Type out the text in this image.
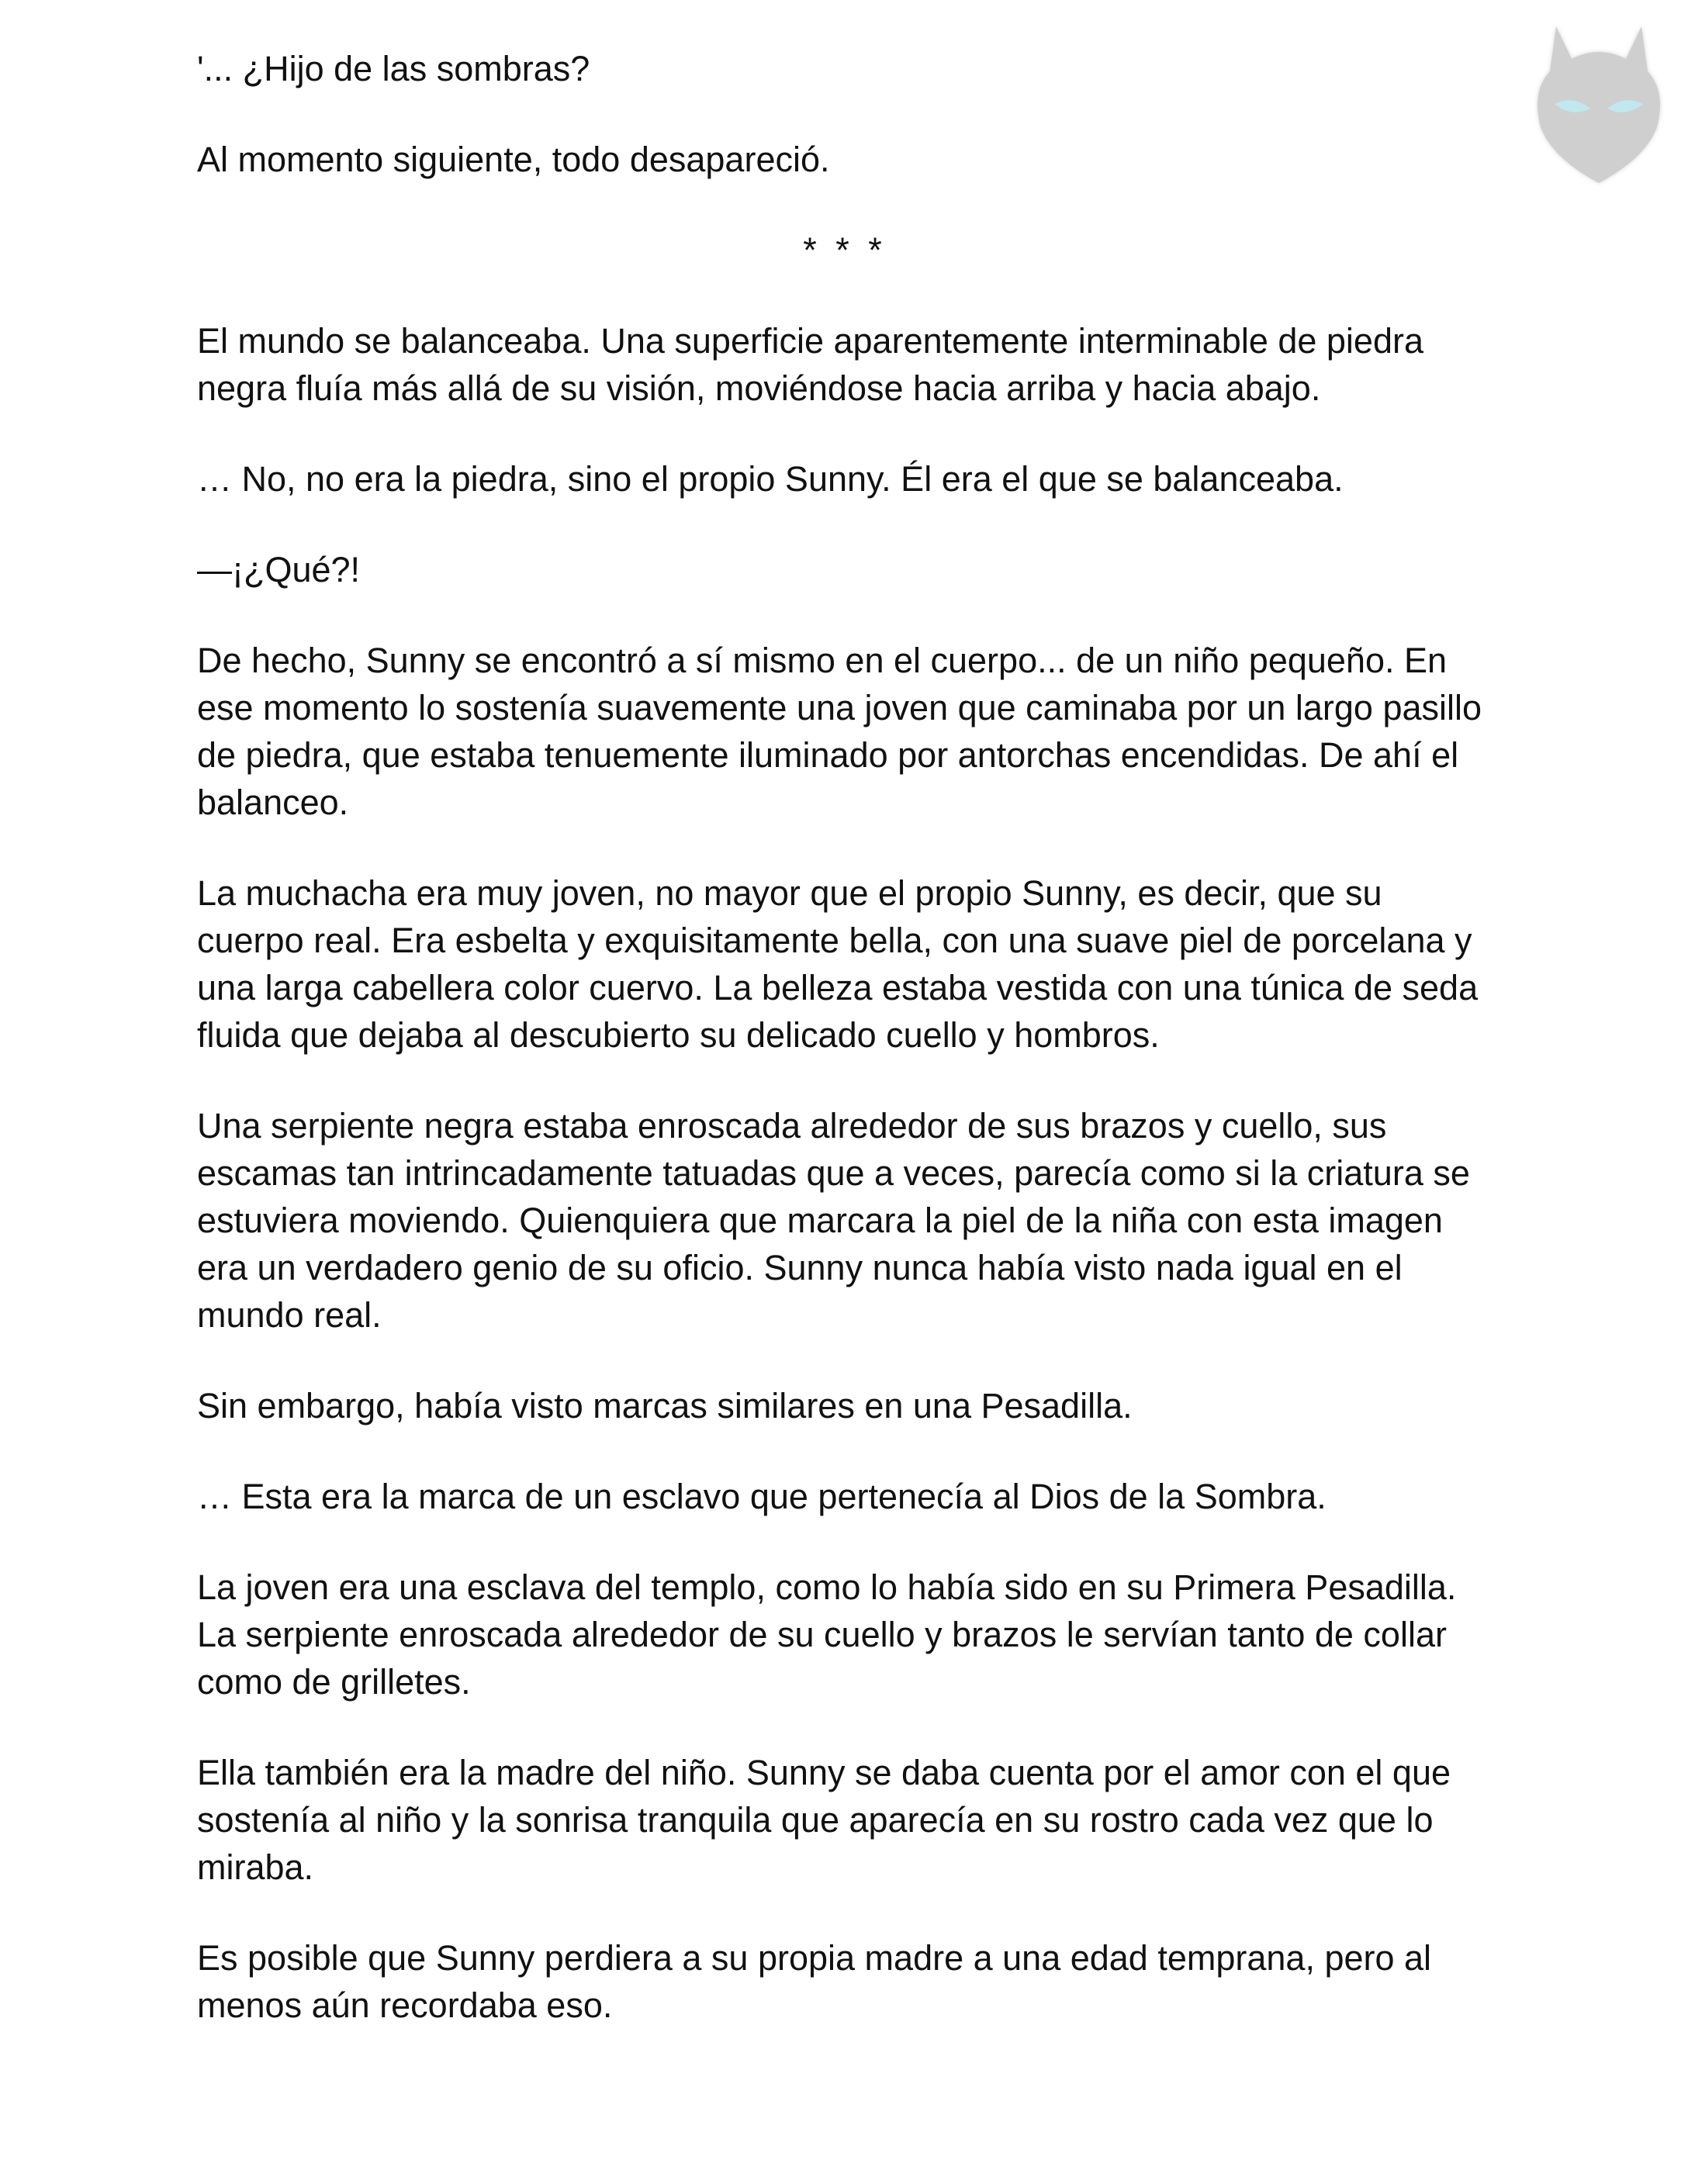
'... ¿Hijo de las sombras?

Al momento siguiente, todo desapareció.

* * *

El mundo se balanceaba. Una superficie aparentemente interminable de piedra negra fluía más allá de su visión, moviéndose hacia arriba y hacia abajo.

… No, no era la piedra, sino el propio Sunny. Él era el que se balanceaba.

—¡¿Qué?!

De hecho, Sunny se encontró a sí mismo en el cuerpo... de un niño pequeño. En ese momento lo sostenía suavemente una joven que caminaba por un largo pasillo de piedra, que estaba tenuemente iluminado por antorchas encendidas. De ahí el balanceo.

La muchacha era muy joven, no mayor que el propio Sunny, es decir, que su cuerpo real. Era esbelta y exquisitamente bella, con una suave piel de porcelana y una larga cabellera color cuervo. La belleza estaba vestida con una túnica de seda fluida que dejaba al descubierto su delicado cuello y hombros.

Una serpiente negra estaba enroscada alrededor de sus brazos y cuello, sus escamas tan intrincadamente tatuadas que a veces, parecía como si la criatura se estuviera moviendo. Quienquiera que marcara la piel de la niña con esta imagen era un verdadero genio de su oficio. Sunny nunca había visto nada igual en el mundo real.

Sin embargo, había visto marcas similares en una Pesadilla.

… Esta era la marca de un esclavo que pertenecía al Dios de la Sombra.

La joven era una esclava del templo, como lo había sido en su Primera Pesadilla. La serpiente enroscada alrededor de su cuello y brazos le servían tanto de collar como de grilletes.

Ella también era la madre del niño. Sunny se daba cuenta por el amor con el que sostenía al niño y la sonrisa tranquila que aparecía en su rostro cada vez que lo miraba.

Es posible que Sunny perdiera a su propia madre a una edad temprana, pero al menos aún recordaba eso.
